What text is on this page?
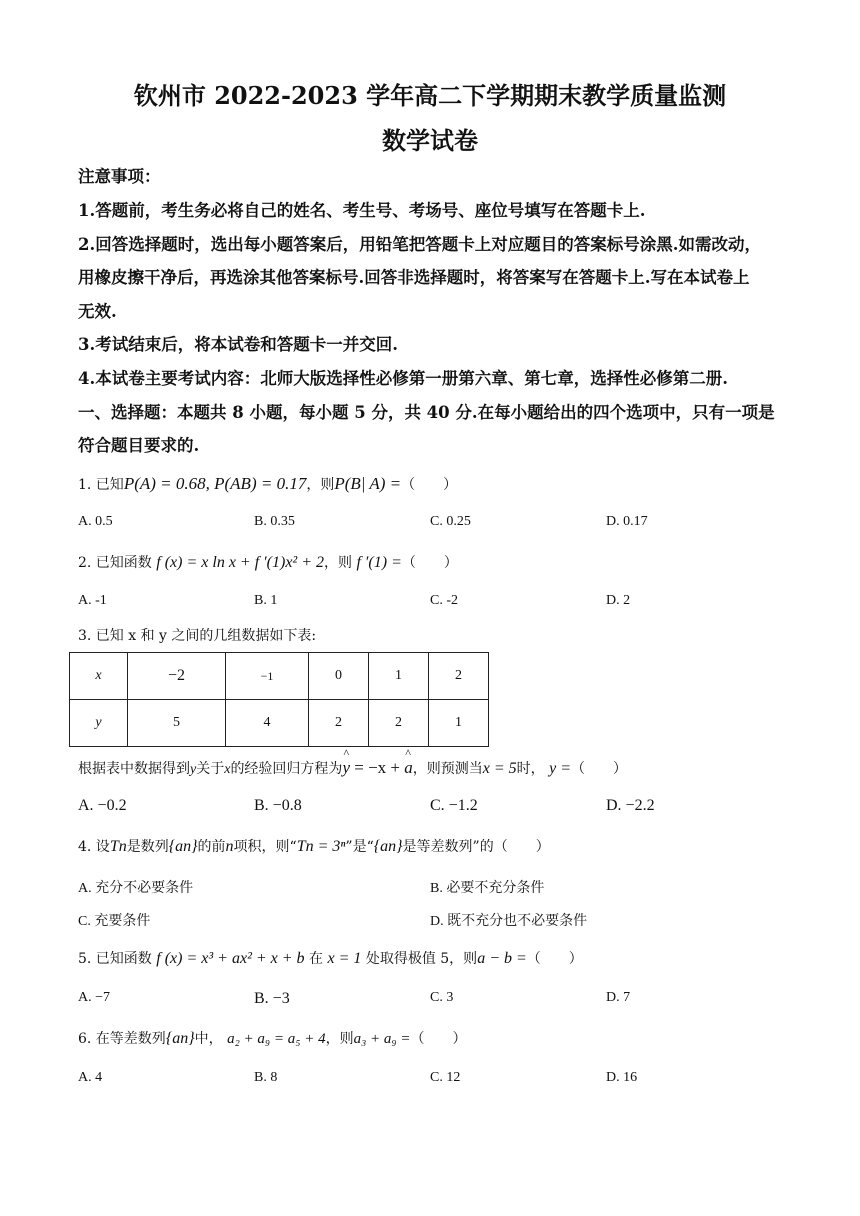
钦州市 2022-2023 学年高二下学期期末教学质量监测
数学试卷
注意事项：
1.答题前，考生务必将自己的姓名、考生号、考场号、座位号填写在答题卡上.
2.回答选择题时，选出每小题答案后，用铅笔把答题卡上对应题目的答案标号涂黑.如需改动，
用橡皮擦干净后，再选涂其他答案标号.回答非选择题时，将答案写在答题卡上.写在本试卷上
无效.
3.考试结束后，将本试卷和答题卡一并交回.
4.本试卷主要考试内容：北师大版选择性必修第一册第六章、第七章，选择性必修第二册.
一、选择题：本题共 8 小题，每小题 5 分，共 40 分.在每小题给出的四个选项中，只有一项是
符合题目要求的.
1. 已知P(A) = 0.68, P(AB) = 0.17，则P(B| A) =（　　）
A. 0.5	B. 0.35	C. 0.25	D. 0.17
2. 已知函数 f (x) = x ln x + f ′(1)x² + 2，则 f ′(1) =（　　）
A. -1	B. 1	C. -2	D. 2
3. 已知 x 和 y 之间的几组数据如下表:
x	−2	−1	0	1	2
y	5	4	2	2	1
根据表中数据得到y关于x的经验回归方程为^ y = −x + ^ a，则预测当x = 5时， y =（　　）
A. −0.2	B. −0.8	C. −1.2	D. −2.2
4. 设Tn是数列{an}的前n项积，则“Tn = 3ⁿ”是“{an}是等差数列”的（　　）
A. 充分不必要条件	B. 必要不充分条件
C. 充要条件	D. 既不充分也不必要条件
5. 已知函数 f (x) = x³ + ax² + x + b 在 x = 1 处取得极值 5，则a − b =（　　）
A. −7	B. −3	C. 3	D. 7
6. 在等差数列{an}中， a₂ + a₉ = a₅ + 4，则a₃ + a₉ =（　　）
A. 4	B. 8	C. 12	D. 16
